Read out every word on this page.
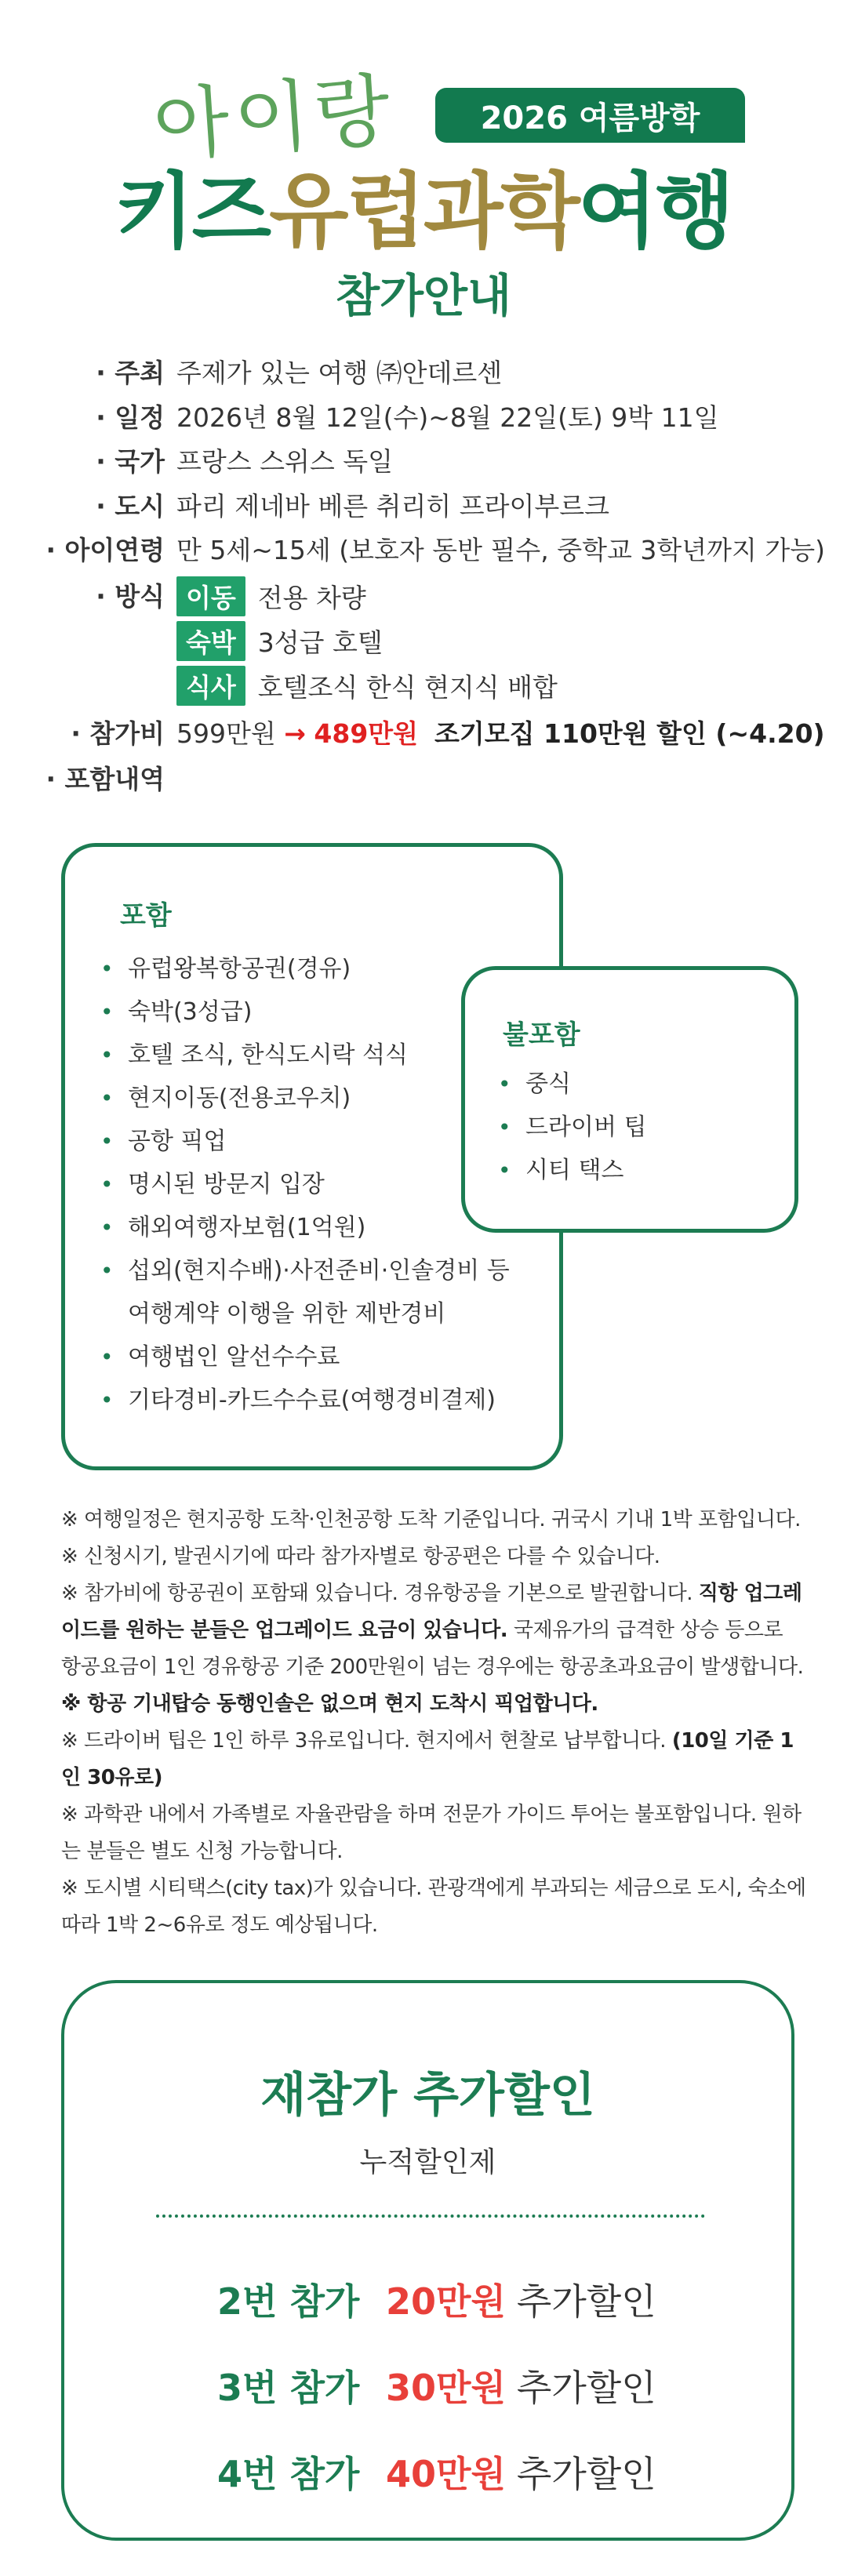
아이랑	2026 여름방학
키즈유럽과학여행
참가안내
· 주최 주제가 있는 여행 ㈜안데르센
· 일정 2026년 8월 12일(수)~8월 22일(토) 9박 11일
· 국가 프랑스 스위스 독일
· 도시 파리 제네바 베른 취리히 프라이부르크
· 아이연령 만 5세~15세 (보호자 동반 필수, 중학교 3학년까지 가능)
· 방식 이동 전용 차량
숙박 3성급 호텔
식사 호텔조식 한식 현지식 배합
· 참가비 599만원 → 489만원 조기모집 110만원 할인 (~4.20)
· 포함내역
포함
• 유럽왕복항공권(경유)
• 숙박(3성급)
• 호텔 조식, 한식도시락 석식
• 현지이동(전용코우치)
• 공항 픽업
• 명시된 방문지 입장
• 해외여행자보험(1억원)
• 섭외(현지수배)·사전준비·인솔경비 등
여행계약 이행을 위한 제반경비
• 여행법인 알선수수료
• 기타경비-카드수수료(여행경비결제)
불포함
• 중식
• 드라이버 팁
• 시티 택스

※ 여행일정은 현지공항 도착·인천공항 도착 기준입니다. 귀국시 기내 1박 포함입니다.

※ 신청시기, 발권시기에 따라 참가자별로 항공편은 다를 수 있습니다.

※ 참가비에 항공권이 포함돼 있습니다. 경유항공을 기본으로 발권합니다. 직항 업그레이드를 원하는 분들은 업그레이드 요금이 있습니다. 국제유가의 급격한 상승 등으로 항공요금이 1인 경유항공 기준 200만원이 넘는 경우에는 항공초과요금이 발생합니다.

※ 항공 기내탑승 동행인솔은 없으며 현지 도착시 픽업합니다.

※ 드라이버 팁은 1인 하루 3유로입니다. 현지에서 현찰로 납부합니다. (10일 기준 1인 30유로)

※ 과학관 내에서 가족별로 자율관람을 하며 전문가 가이드 투어는 불포함입니다. 원하는 분들은 별도 신청 가능합니다.

※ 도시별 시티택스(city tax)가 있습니다. 관광객에게 부과되는 세금으로 도시, 숙소에 따라 1박 2~6유로 정도 예상됩니다.

재참가 추가할인
누적할인제
2번 참가 20만원 추가할인
3번 참가 30만원 추가할인
4번 참가 40만원 추가할인
